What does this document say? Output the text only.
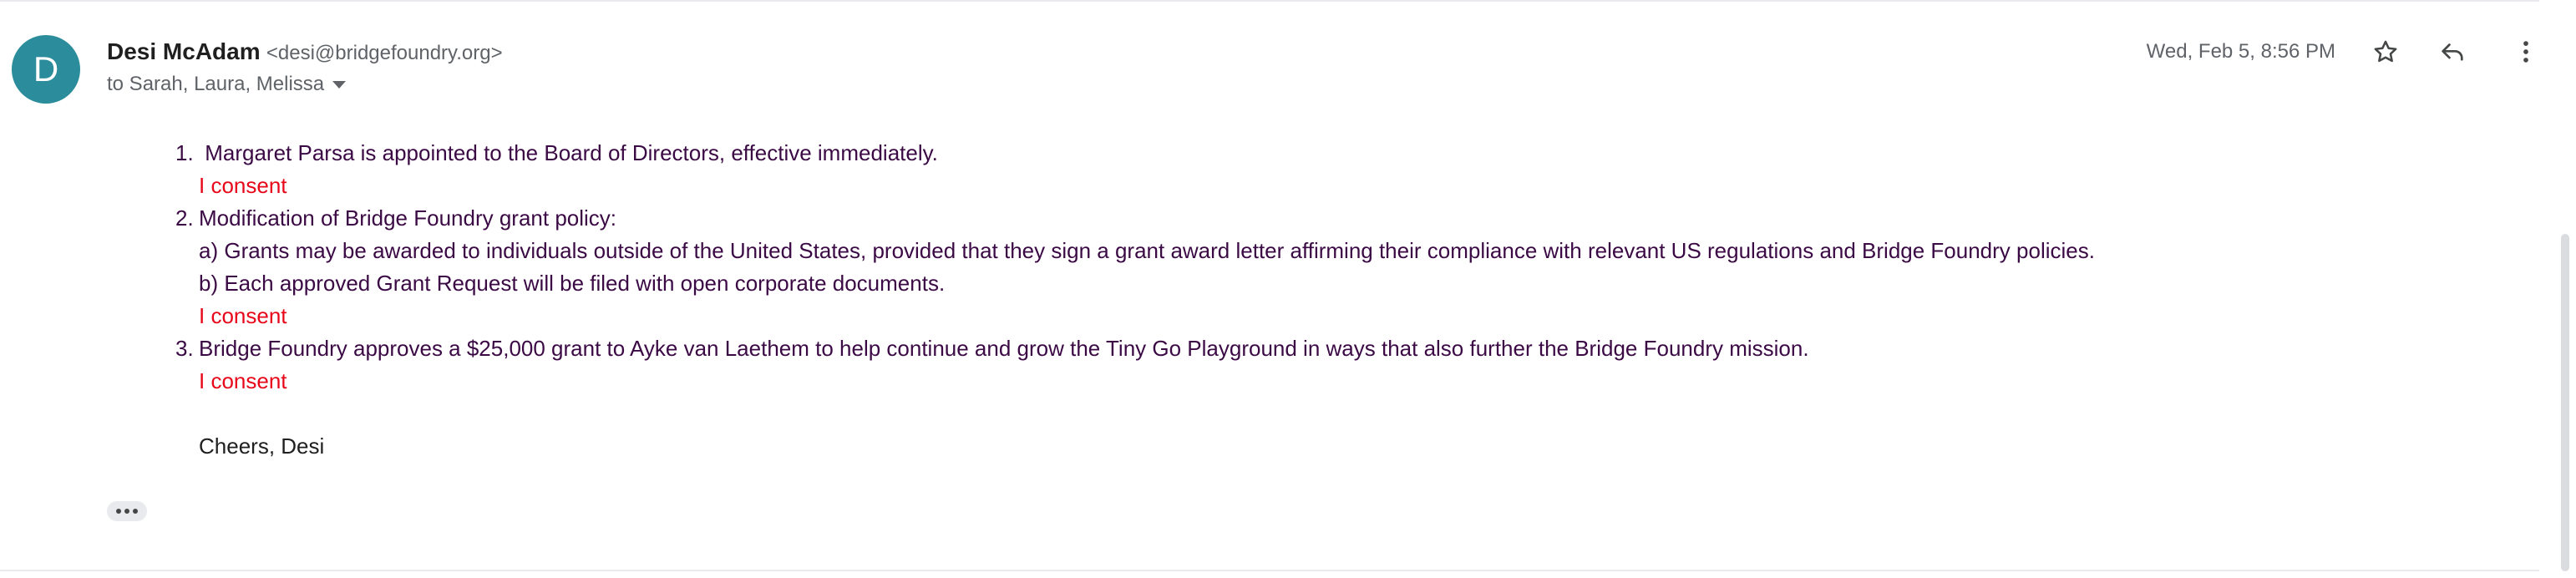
D	Desi McAdam <desi@bridgefoundry.org>
to Sarah, Laura, Melissa
Wed, Feb 5, 8:56 PM
1. Margaret Parsa is appointed to the Board of Directors, effective immediately.
I consent
2. Modification of Bridge Foundry grant policy:
a) Grants may be awarded to individuals outside of the United States, provided that they sign a grant award letter affirming their compliance with relevant US regulations and Bridge Foundry policies.
b) Each approved Grant Request will be filed with open corporate documents.
I consent
3. Bridge Foundry approves a $25,000 grant to Ayke van Laethem to help continue and grow the Tiny Go Playground in ways that also further the Bridge Foundry mission.
I consent
Cheers, Desi
